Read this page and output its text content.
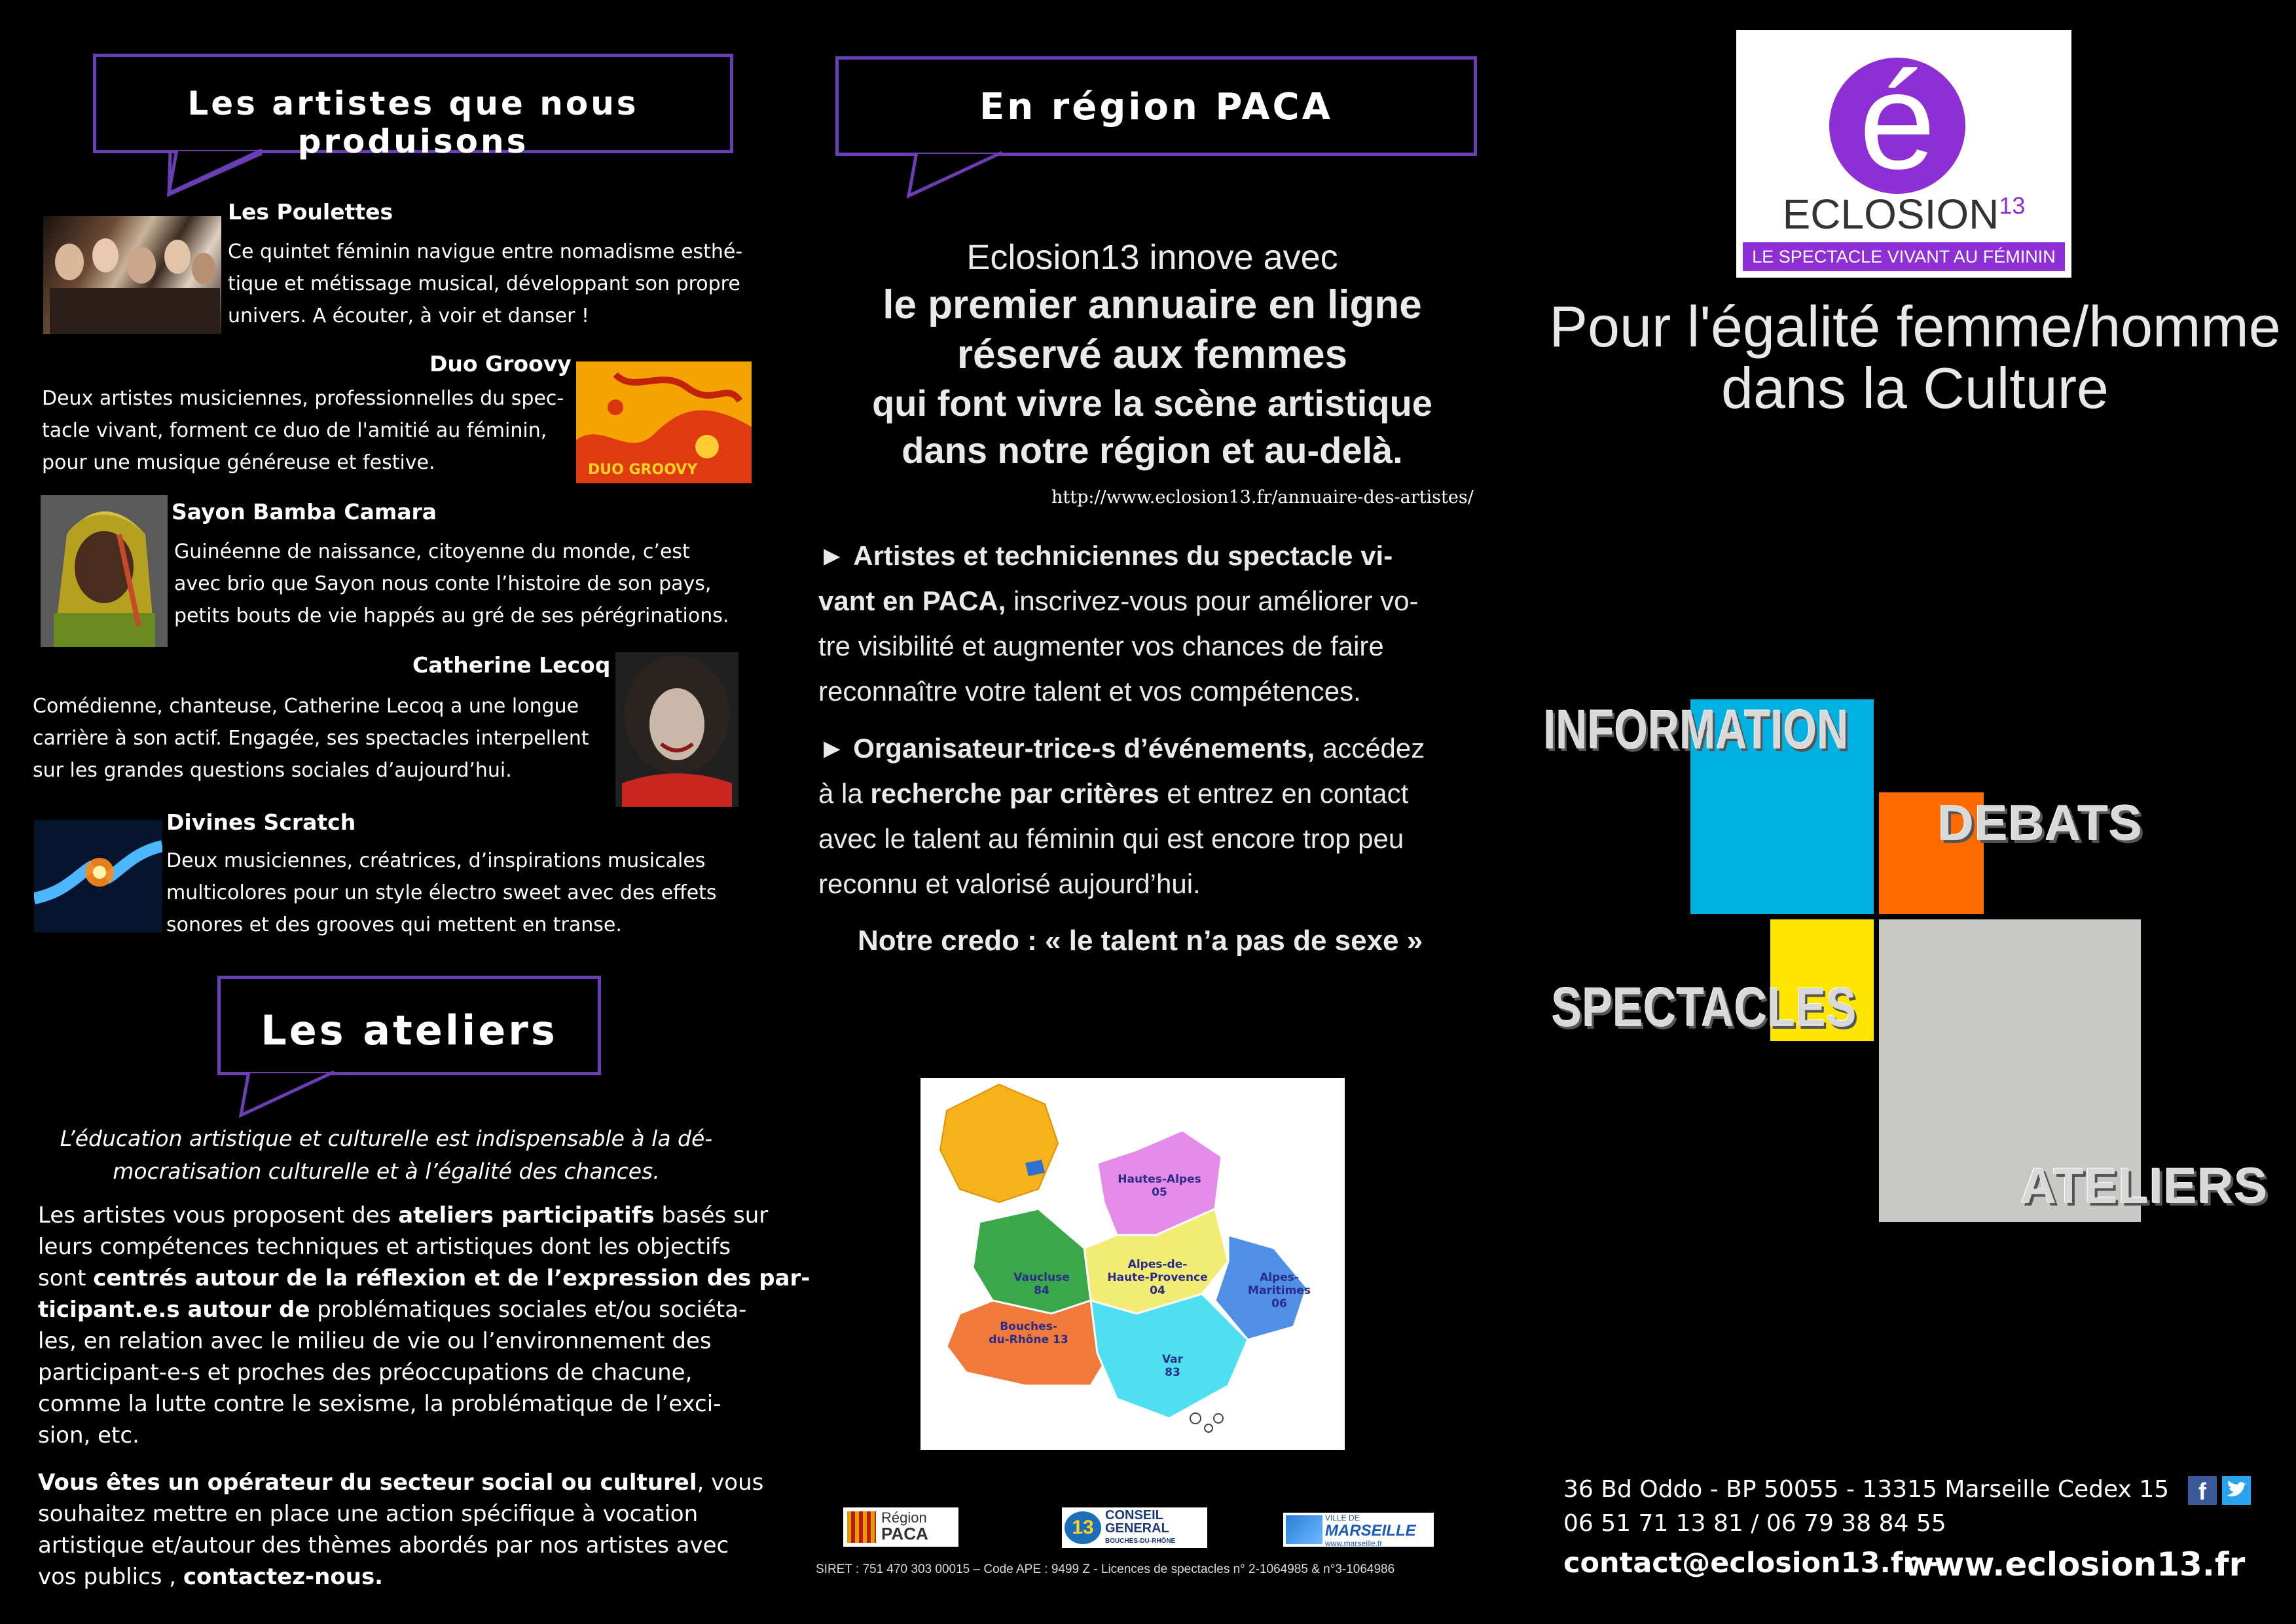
Les artistes que nous produisons
Les Poulettes
Ce quintet féminin navigue entre nomadisme esthé-
tique et métissage musical, développant son propre
univers. A écouter, à voir et danser !
Duo Groovy
Deux artistes musiciennes, professionnelles du spec-
tacle vivant, forment ce duo de l'amitié au féminin,
pour une musique généreuse et festive.	DUO GROOVY
Sayon Bamba Camara
Guinéenne de naissance, citoyenne du monde, c’est
avec brio que Sayon nous conte l’histoire de son pays,
petits bouts de vie happés au gré de ses pérégrinations.
Catherine Lecoq
Comédienne, chanteuse, Catherine Lecoq a une longue
carrière à son actif. Engagée, ses spectacles interpellent
sur les grandes questions sociales d’aujourd’hui.
Divines Scratch
Deux musiciennes, créatrices, d’inspirations musicales
multicolores pour un style électro sweet avec des effets
sonores et des grooves qui mettent en transe.
Les ateliers
L’éducation artistique et culturelle est indispensable à la dé-
mocratisation culturelle et à l’égalité des chances.
Les artistes vous proposent des ateliers participatifs basés sur
leurs compétences techniques et artistiques dont les objectifs
sont centrés autour de la réflexion et de l’expression des par-
ticipant.e.s autour de problématiques sociales et/ou sociéta-
les, en relation avec le milieu de vie ou l’environnement des
participant-e-s et proches des préoccupations de chacune,
comme la lutte contre le sexisme, la problématique de l’exci-
sion, etc.
Vous êtes un opérateur du secteur social ou culturel, vous
souhaitez mettre en place une action spécifique à vocation
artistique et/autour des thèmes abordés par nos artistes avec
vos publics , contactez-nous.
En région PACA
Eclosion13 innove avec
le premier annuaire en ligne
réservé aux femmes
qui font vivre la scène artistique
dans notre région et au-delà.
http://www.eclosion13.fr/annuaire-des-artistes/
► Artistes et techniciennes du spectacle vi-
vant en PACA, inscrivez-vous pour améliorer vo-
tre visibilité et augmenter vos chances de faire
reconnaître votre talent et vos compétences.
► Organisateur-trice-s d’événements, accédez
à la recherche par critères et entrez en contact
avec le talent au féminin qui est encore trop peu
reconnu et valorisé aujourd’hui.
Notre credo : « le talent n’a pas de sexe »
Hautes-Alpes
05
Alpes-de-
Haute-Provence
04
Alpes-
Maritimes
06
Vaucluse
84
Bouches-
du-Rhône 13
Var
83
Région
PACA	13
CONSEIL
GENERAL
BOUCHES-DU-RHÔNE
VILLE DE
MARSEILLE
www.marseille.fr
SIRET : 751 470 303 00015 – Code APE : 9499 Z - Licences de spectacles n° 2-1064985 & n°3-1064986
é
ECLOSION$^{13}$
LE SPECTACLE VIVANT AU FÉMININ
Pour l'égalité femme/homme
dans la Culture
INFORMATION
DEBATS
SPECTACLES
ATELIERS
36 Bd Oddo - BP 50055 - 13315 Marseille Cedex 15
06 51 71 13 81 / 06 79 38 84 55
contact@eclosion13.fr -
www.eclosion13.fr
f
